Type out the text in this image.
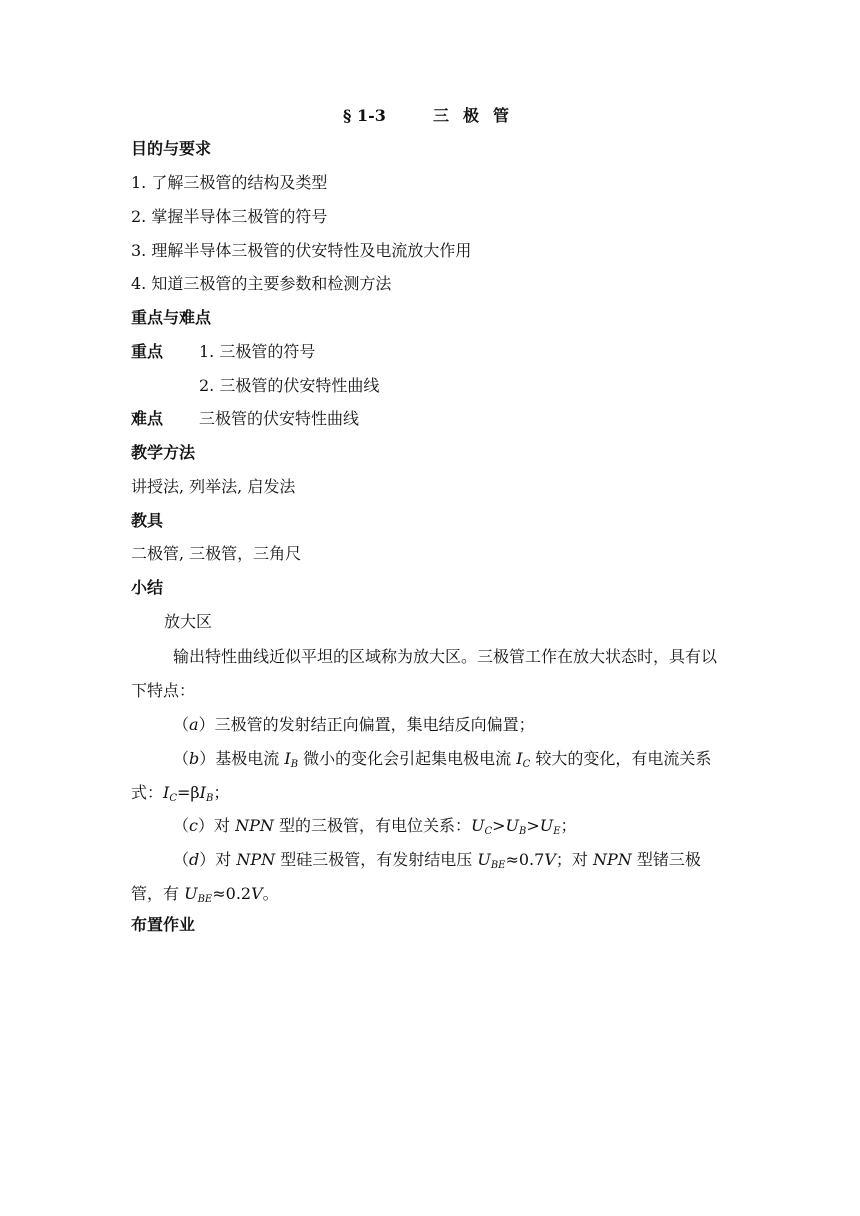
§ 1-3	三 极 管
目的与要求
1. 了解三极管的结构及类型
2. 掌握半导体三极管的符号
3. 理解半导体三极管的伏安特性及电流放大作用
4. 知道三极管的主要参数和检测方法
重点与难点
重点 1. 三极管的符号
2. 三极管的伏安特性曲线
难点 三极管的伏安特性曲线
教学方法
讲授法, 列举法, 启发法
教具
二极管, 三极管，三角尺
小结
放大区
输出特性曲线近似平坦的区域称为放大区。三极管工作在放大状态时，具有以下特点：
（a）三极管的发射结正向偏置，集电结反向偏置；
（b）基极电流 $I_B$ 微小的变化会引起集电极电流 $I_C$ 较大的变化，有电流关系式：$I_C=\beta I_B$；
（c）对 NPN 型的三极管，有电位关系：$U_C>U_B>U_E$；
（d）对 NPN 型硅三极管，有发射结电压 $U_{BE}\approx 0.7V$；对 NPN 型锗三极管，有 $U_{BE}\approx 0.2V$。
布置作业
